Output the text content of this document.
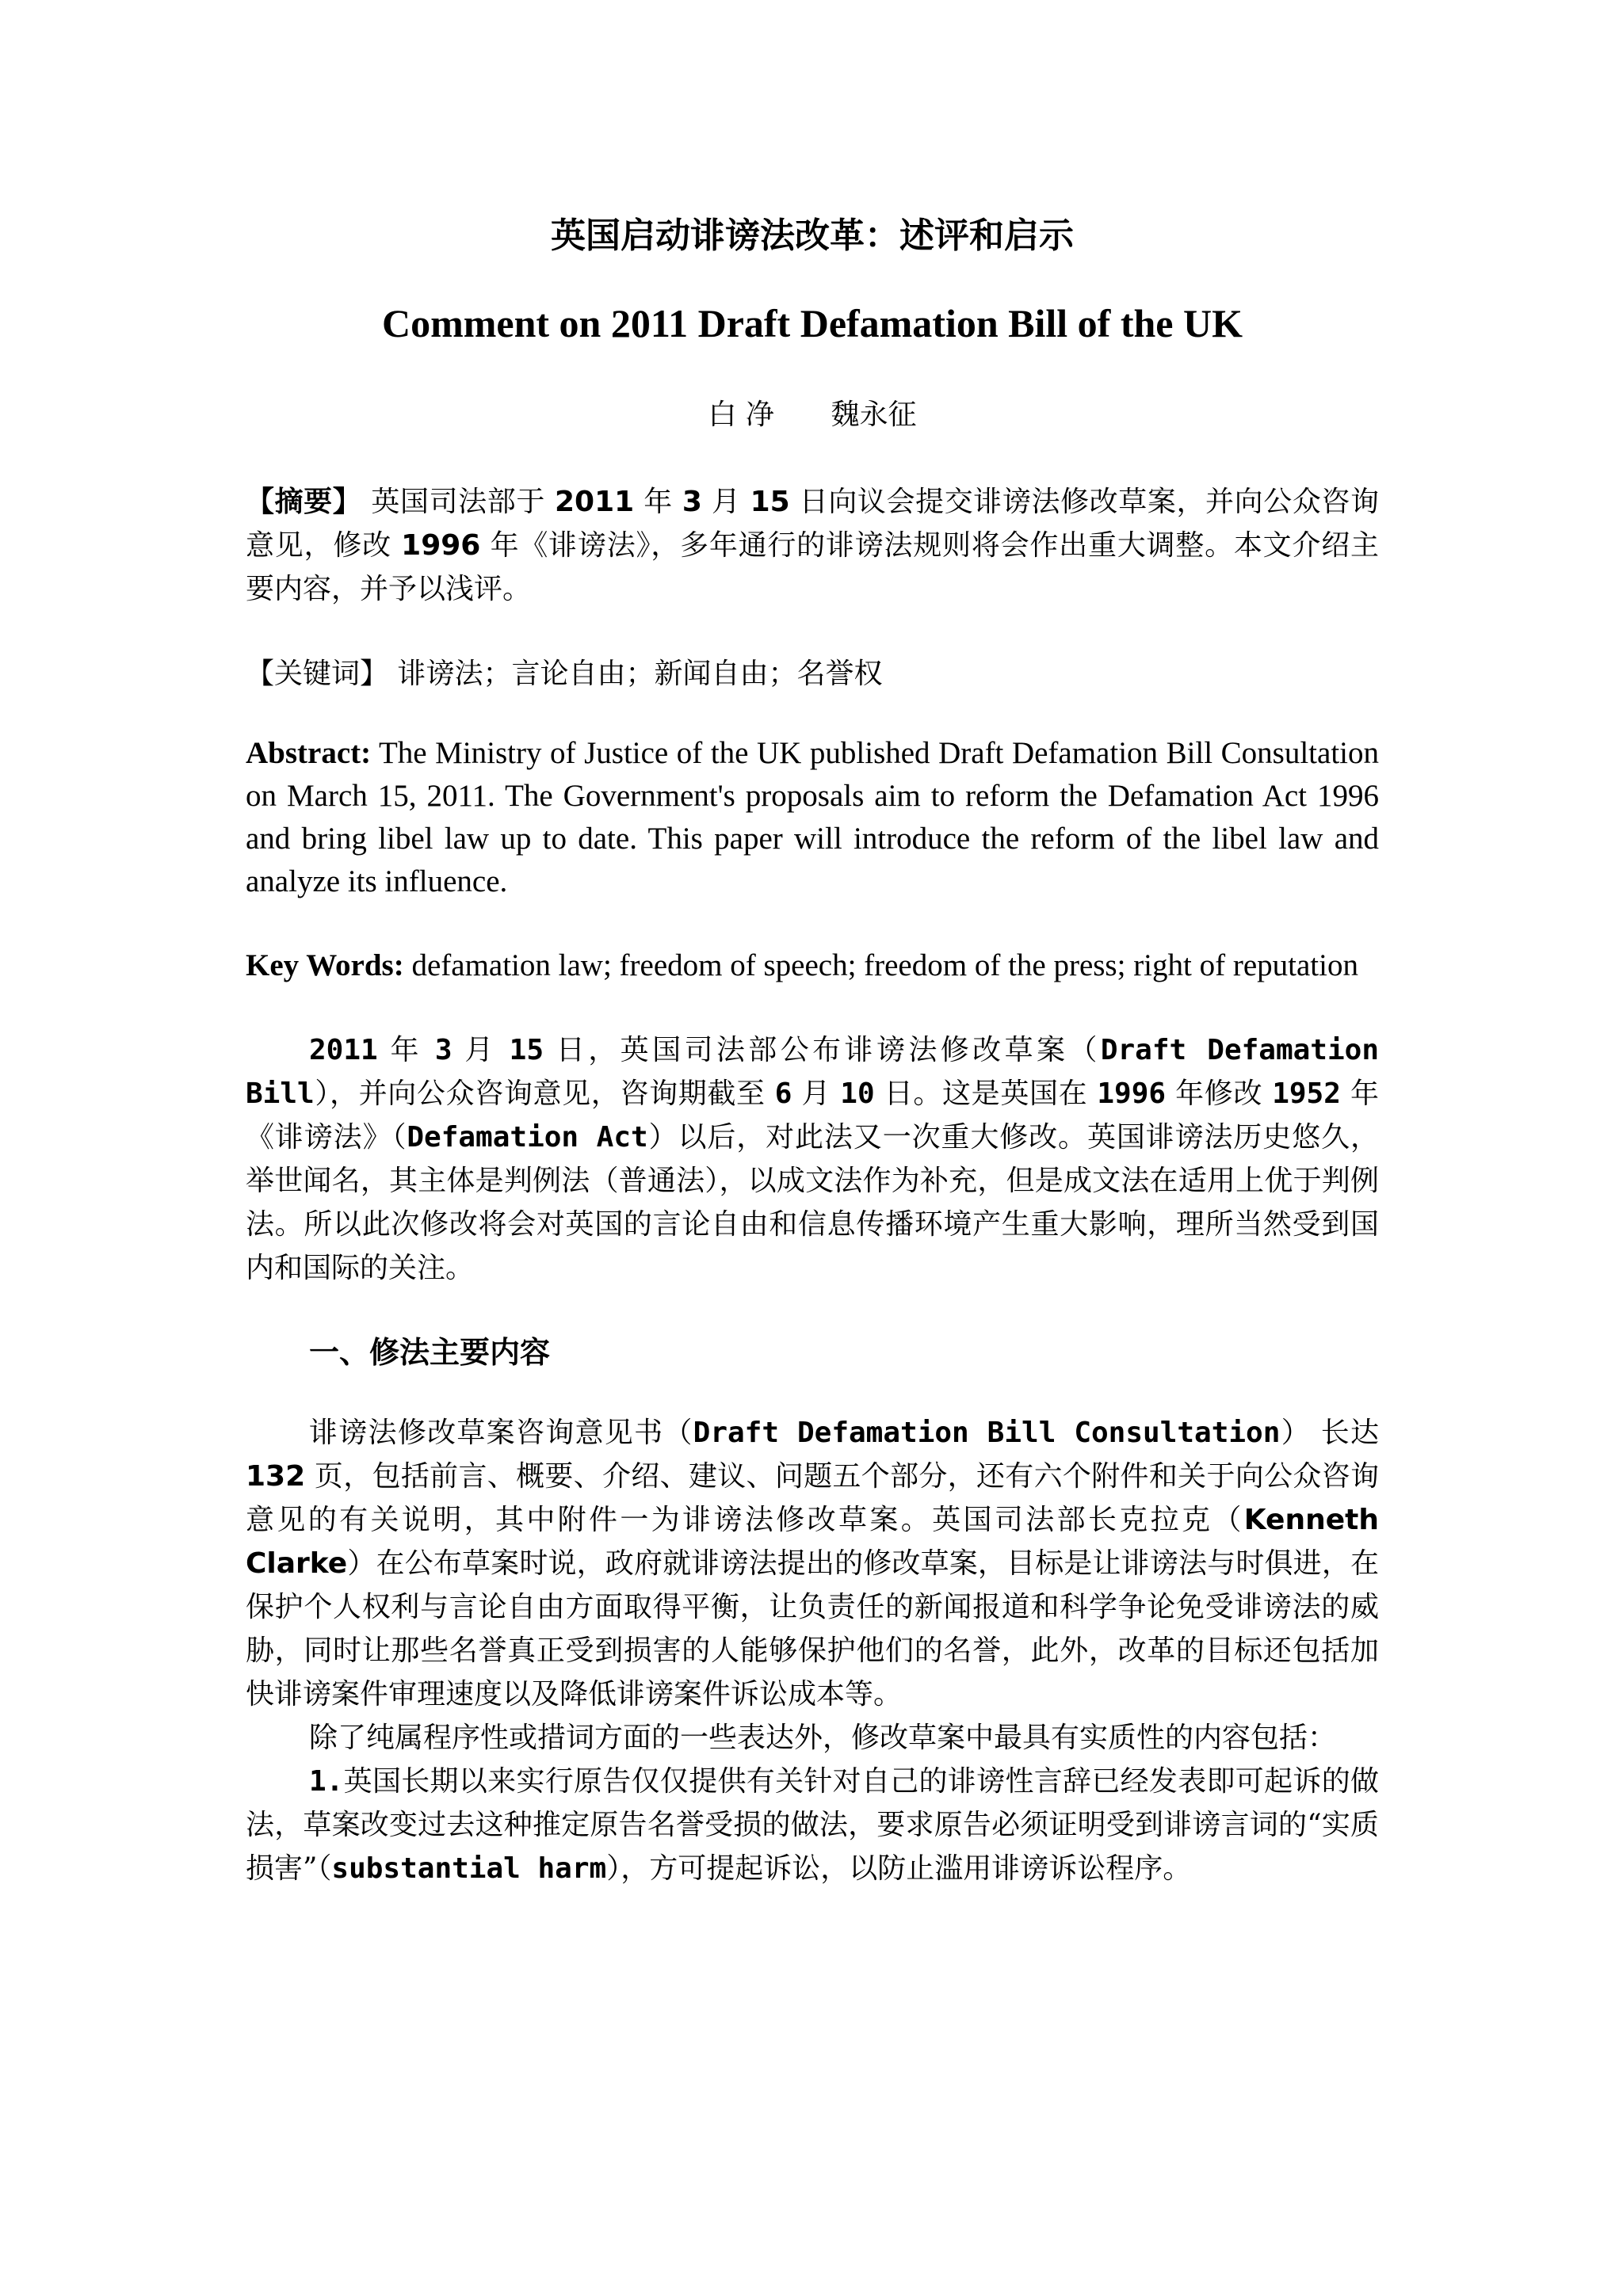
英国启动诽谤法改革：述评和启示
Comment on 2011 Draft Defamation Bill of the UK

白 净 魏永征

【摘要】 英国司法部于 2011 年 3 月 15 日向议会提交诽谤法修改草案，并向公众咨询意见，修改 1996 年《诽谤法》，多年通行的诽谤法规则将会作出重大调整。本文介绍主要内容，并予以浅评。

【关键词】 诽谤法；言论自由；新闻自由；名誉权

Abstract: The Ministry of Justice of the UK published Draft Defamation Bill Consultation on March 15, 2011. The Government's proposals aim to reform the Defamation Act 1996 and bring libel law up to date. This paper will introduce the reform of the libel law and analyze its influence.

Key Words: defamation law; freedom of speech; freedom of the press; right of reputation

2011 年 3 月 15 日，英国司法部公布诽谤法修改草案（Draft Defamation Bill），并向公众咨询意见，咨询期截至 6 月 10 日。这是英国在 1996 年修改 1952 年《诽谤法》（Defamation Act）以后，对此法又一次重大修改。英国诽谤法历史悠久，举世闻名，其主体是判例法（普通法），以成文法作为补充，但是成文法在适用上优于判例法。所以此次修改将会对英国的言论自由和信息传播环境产生重大影响，理所当然受到国内和国际的关注。

一、修法主要内容

诽谤法修改草案咨询意见书（Draft Defamation Bill Consultation） 长达 132 页，包括前言、概要、介绍、建议、问题五个部分，还有六个附件和关于向公众咨询意见的有关说明，其中附件一为诽谤法修改草案。英国司法部长克拉克（Kenneth Clarke）在公布草案时说，政府就诽谤法提出的修改草案，目标是让诽谤法与时俱进，在保护个人权利与言论自由方面取得平衡，让负责任的新闻报道和科学争论免受诽谤法的威胁，同时让那些名誉真正受到损害的人能够保护他们的名誉，此外，改革的目标还包括加快诽谤案件审理速度以及降低诽谤案件诉讼成本等。

除了纯属程序性或措词方面的一些表达外，修改草案中最具有实质性的内容包括：

1.英国长期以来实行原告仅仅提供有关针对自己的诽谤性言辞已经发表即可起诉的做法，草案改变过去这种推定原告名誉受损的做法，要求原告必须证明受到诽谤言词的“实质损害”（substantial harm），方可提起诉讼，以防止滥用诽谤诉讼程序。
